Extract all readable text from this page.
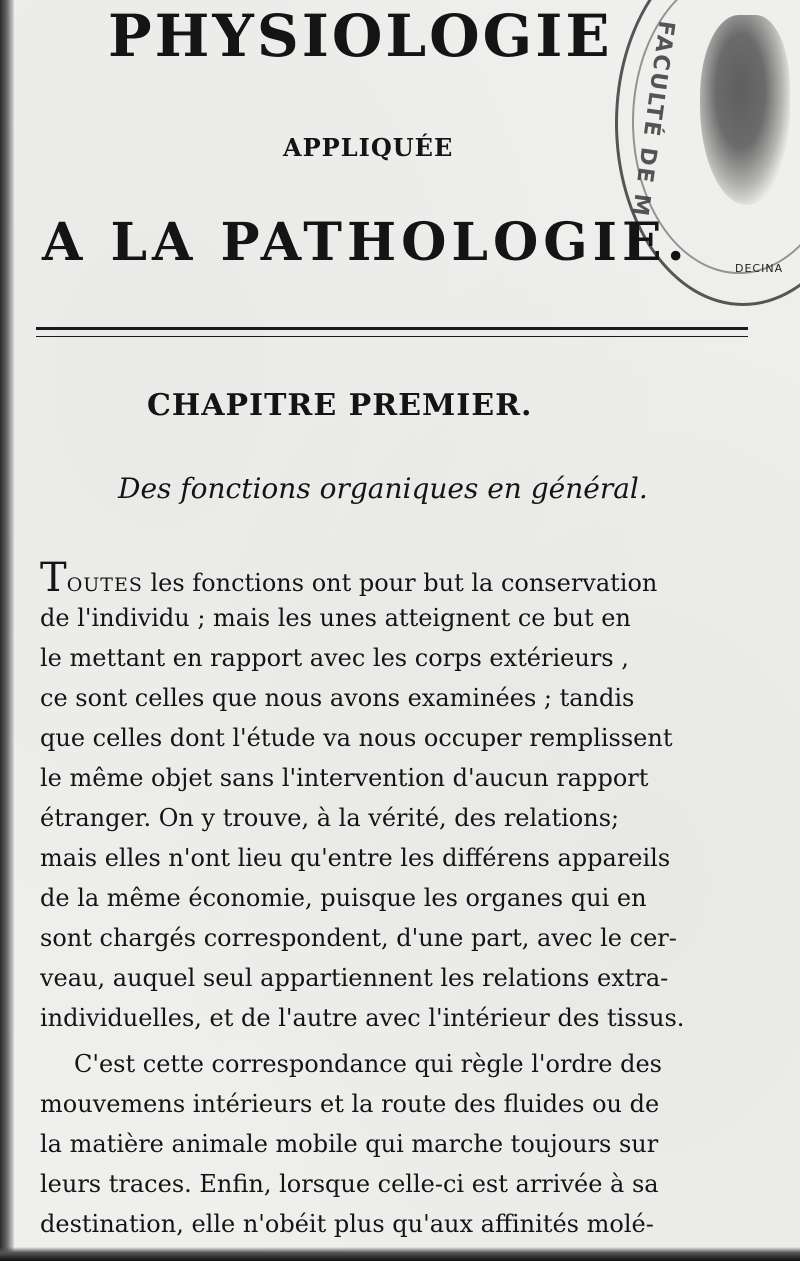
FACULTÉ DE M
DECINA
PHYSIOLOGIE
APPLIQUÉE
A LA PATHOLOGIE.
CHAPITRE PREMIER.
Des fonctions organiques en général.
TOUTES les fonctions ont pour but la conservation
de l'individu ; mais les unes atteignent ce but en
le mettant en rapport avec les corps extérieurs ,
ce sont celles que nous avons examinées ; tandis
que celles dont l'étude va nous occuper remplissent
le même objet sans l'intervention d'aucun rapport
étranger. On y trouve, à la vérité, des relations;
mais elles n'ont lieu qu'entre les différens appareils
de la même économie, puisque les organes qui en
sont chargés correspondent, d'une part, avec le cer-
veau, auquel seul appartiennent les relations extra-
individuelles, et de l'autre avec l'intérieur des tissus.
C'est cette correspondance qui règle l'ordre des
mouvemens intérieurs et la route des fluides ou de
la matière animale mobile qui marche toujours sur
leurs traces. Enfin, lorsque celle-ci est arrivée à sa
destination, elle n'obéit plus qu'aux affinités molé-
